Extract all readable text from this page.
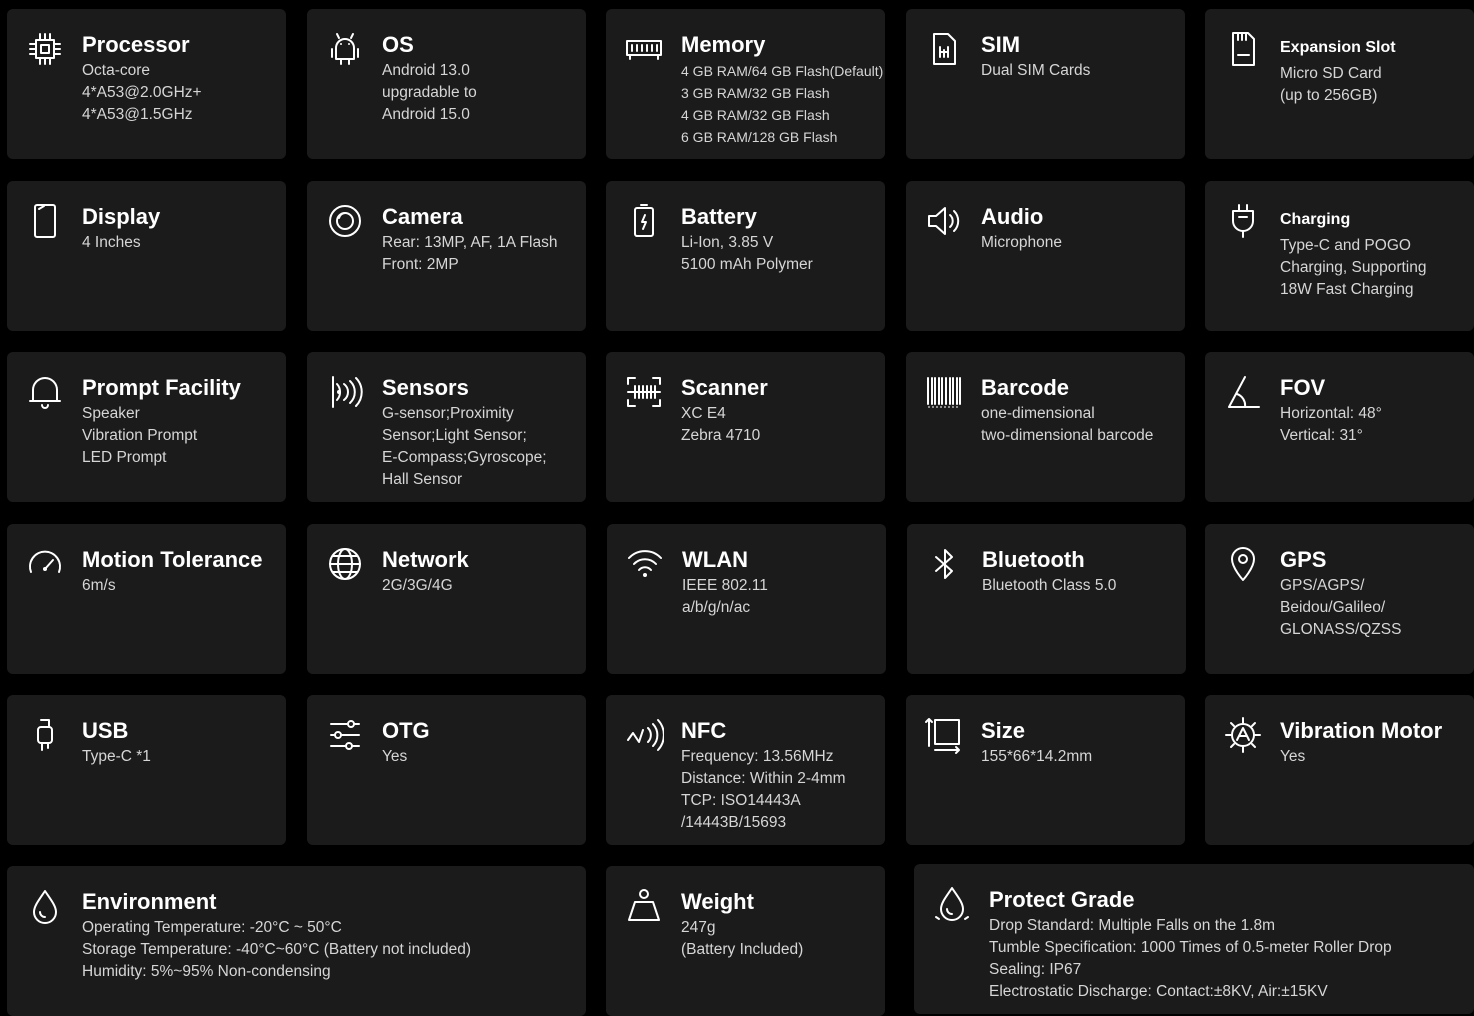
Processor
Octa-core
4*A53@2.0GHz+
4*A53@1.5GHz
OS
Android 13.0
upgradable to
Android 15.0
Memory
4 GB RAM/64 GB Flash(Default)
3 GB RAM/32 GB Flash
4 GB RAM/32 GB Flash
6 GB RAM/128 GB Flash
SIM
Dual SIM Cards
Expansion Slot
Micro SD Card
(up to 256GB)
Display
4 Inches
Camera
Rear: 13MP, AF, 1A Flash
Front: 2MP
Battery
Li-Ion, 3.85 V
5100 mAh Polymer
Audio
Microphone
Charging
Type-C and POGO
Charging, Supporting
18W Fast Charging
Prompt Facility
Speaker
Vibration Prompt
LED Prompt
Sensors
G-sensor;Proximity
Sensor;Light Sensor;
E-Compass;Gyroscope;
Hall Sensor
Scanner
XC E4
Zebra 4710
Barcode
one-dimensional
two-dimensional barcode
FOV
Horizontal: 48°
Vertical: 31°
Motion Tolerance
6m/s
Network
2G/3G/4G
WLAN
IEEE 802.11
a/b/g/n/ac
Bluetooth
Bluetooth Class 5.0
GPS
GPS/AGPS/
Beidou/Galileo/
GLONASS/QZSS
USB
Type-C *1
OTG
Yes
NFC
Frequency: 13.56MHz
Distance: Within 2-4mm
TCP: ISO14443A
/14443B/15693
Size
155*66*14.2mm
Vibration Motor
Yes
Environment
Operating Temperature: -20°C ~ 50°C
Storage Temperature: -40°C~60°C (Battery not included)
Humidity: 5%~95% Non-condensing
Weight
247g
(Battery Included)
Protect Grade
Drop Standard: Multiple Falls on the 1.8m
Tumble Specification: 1000 Times of 0.5-meter Roller Drop
Sealing: IP67
Electrostatic Discharge: Contact:±8KV, Air:±15KV
